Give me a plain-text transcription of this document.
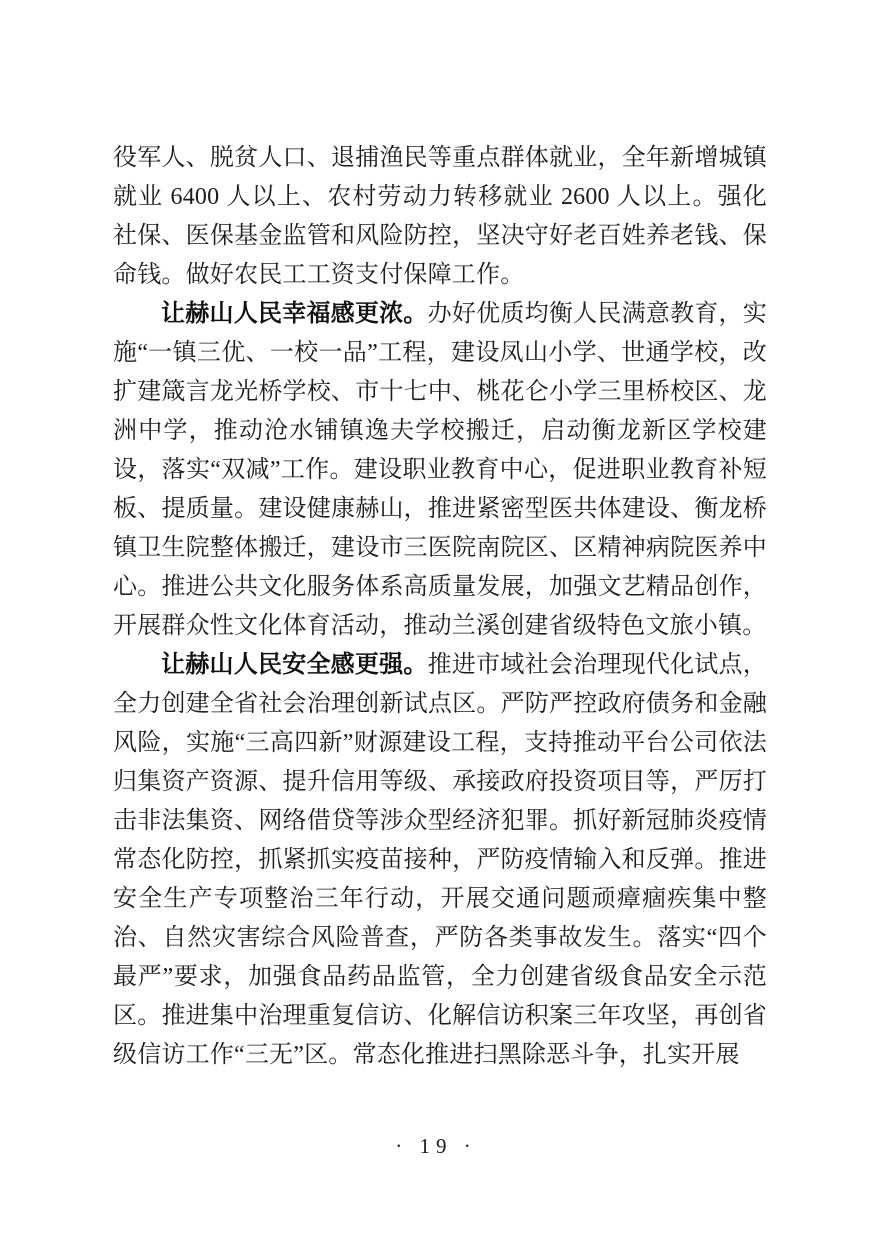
役军人、脱贫人口、退捕渔民等重点群体就业，全年新增城镇就业 6400 人以上、农村劳动力转移就业 2600 人以上。强化社保、医保基金监管和风险防控，坚决守好老百姓养老钱、保命钱。做好农民工工资支付保障工作。

让赫山人民幸福感更浓。办好优质均衡人民满意教育，实施“一镇三优、一校一品”工程，建设凤山小学、世通学校，改扩建箴言龙光桥学校、市十七中、桃花仑小学三里桥校区、龙洲中学，推动沧水铺镇逸夫学校搬迁，启动衡龙新区学校建设，落实“双减”工作。建设职业教育中心，促进职业教育补短板、提质量。建设健康赫山，推进紧密型医共体建设、衡龙桥镇卫生院整体搬迁，建设市三医院南院区、区精神病院医养中心。推进公共文化服务体系高质量发展，加强文艺精品创作，开展群众性文化体育活动，推动兰溪创建省级特色文旅小镇。

让赫山人民安全感更强。推进市域社会治理现代化试点，全力创建全省社会治理创新试点区。严防严控政府债务和金融风险，实施“三高四新”财源建设工程，支持推动平台公司依法归集资产资源、提升信用等级、承接政府投资项目等，严厉打击非法集资、网络借贷等涉众型经济犯罪。抓好新冠肺炎疫情常态化防控，抓紧抓实疫苗接种，严防疫情输入和反弹。推进安全生产专项整治三年行动，开展交通问题顽瘴痼疾集中整治、自然灾害综合风险普查，严防各类事故发生。落实“四个最严”要求，加强食品药品监管，全力创建省级食品安全示范区。推进集中治理重复信访、化解信访积案三年攻坚，再创省级信访工作“三无”区。常态化推进扫黑除恶斗争，扎实开展

· 19 ·
